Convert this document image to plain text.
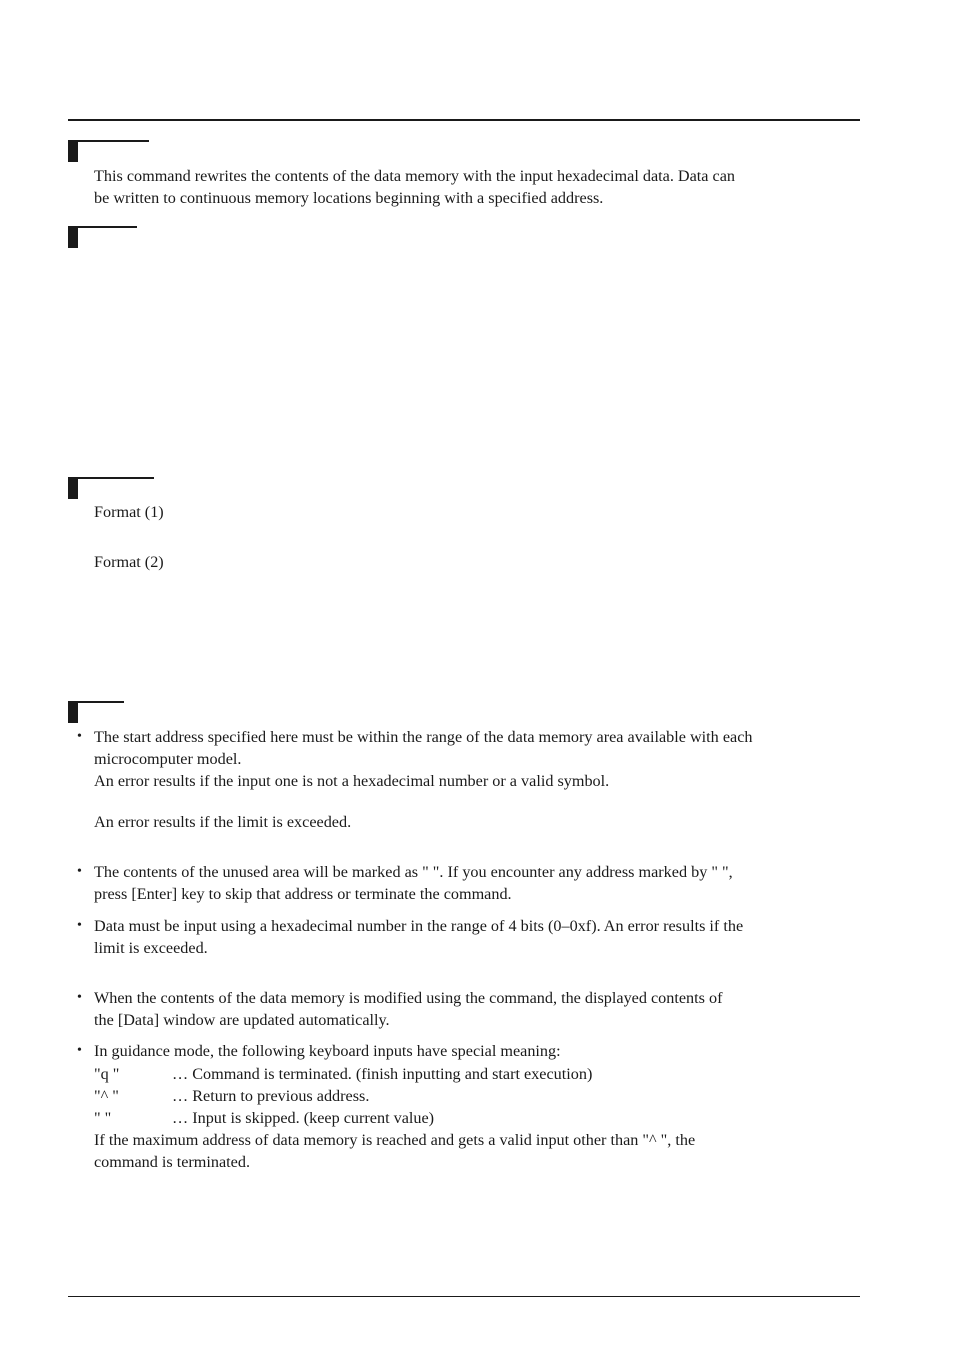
This command rewrites the contents of the data memory with the input hexadecimal data. Data can
be written to continuous memory locations beginning with a specified address.
Format (1)
Format (2)
• The start address specified here must be within the range of the data memory area available with each
microcomputer model.
An error results if the input one is not a hexadecimal number or a valid symbol.
An error results if the limit is exceeded.
• The contents of the unused area will be marked as " ". If you encounter any address marked by " ",
press [Enter] key to skip that address or terminate the command.
• Data must be input using a hexadecimal number in the range of 4 bits (0–0xf). An error results if the
limit is exceeded.
• When the contents of the data memory is modified using the command, the displayed contents of
the [Data] window are updated automatically.
• In guidance mode, the following keyboard inputs have special meaning:
"q "	… Command is terminated. (finish inputting and start execution)
"^ "	… Return to previous address.
" "	… Input is skipped. (keep current value)
If the maximum address of data memory is reached and gets a valid input other than "^ ", the
command is terminated.
